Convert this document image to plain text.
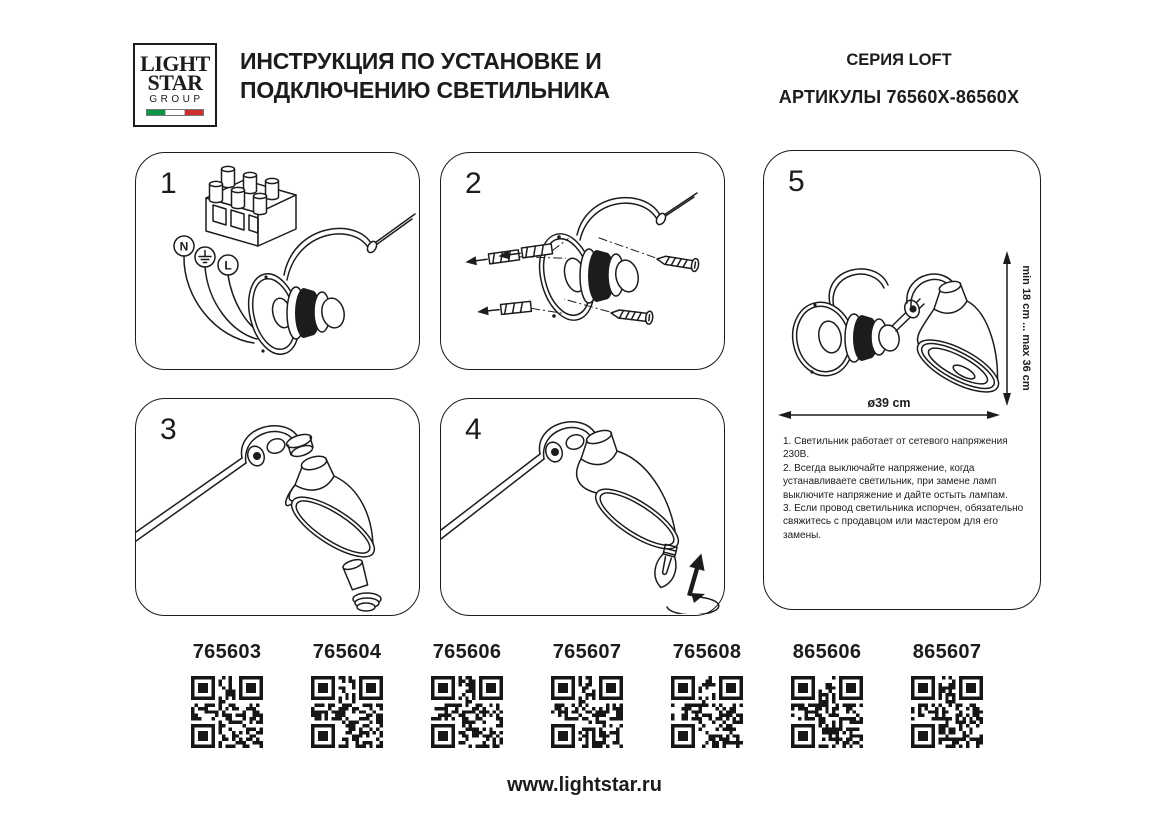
LIGHT
STAR
GROUP
ИНСТРУКЦИЯ ПО УСТАНОВКЕ И
ПОДКЛЮЧЕНИЮ СВЕТИЛЬНИКА
СЕРИЯ LOFT
АРТИКУЛЫ 76560X-86560X
1
N
L
2
3	4
5
min 18 cm ... max 36 cm
ø39 cm

1. Светильник работает от сетевого напряжения 230В.

2. Всегда выключайте напряжение, когда устанавливаете светильник, при замене ламп выключите напряжение и дайте остыть лампам.

3. Если провод светильника испорчен, обязательно свяжитесь с продавцом или мастером для его замены.

765603	765604	765606	765607	765608	865606	865607
www.lightstar.ru
